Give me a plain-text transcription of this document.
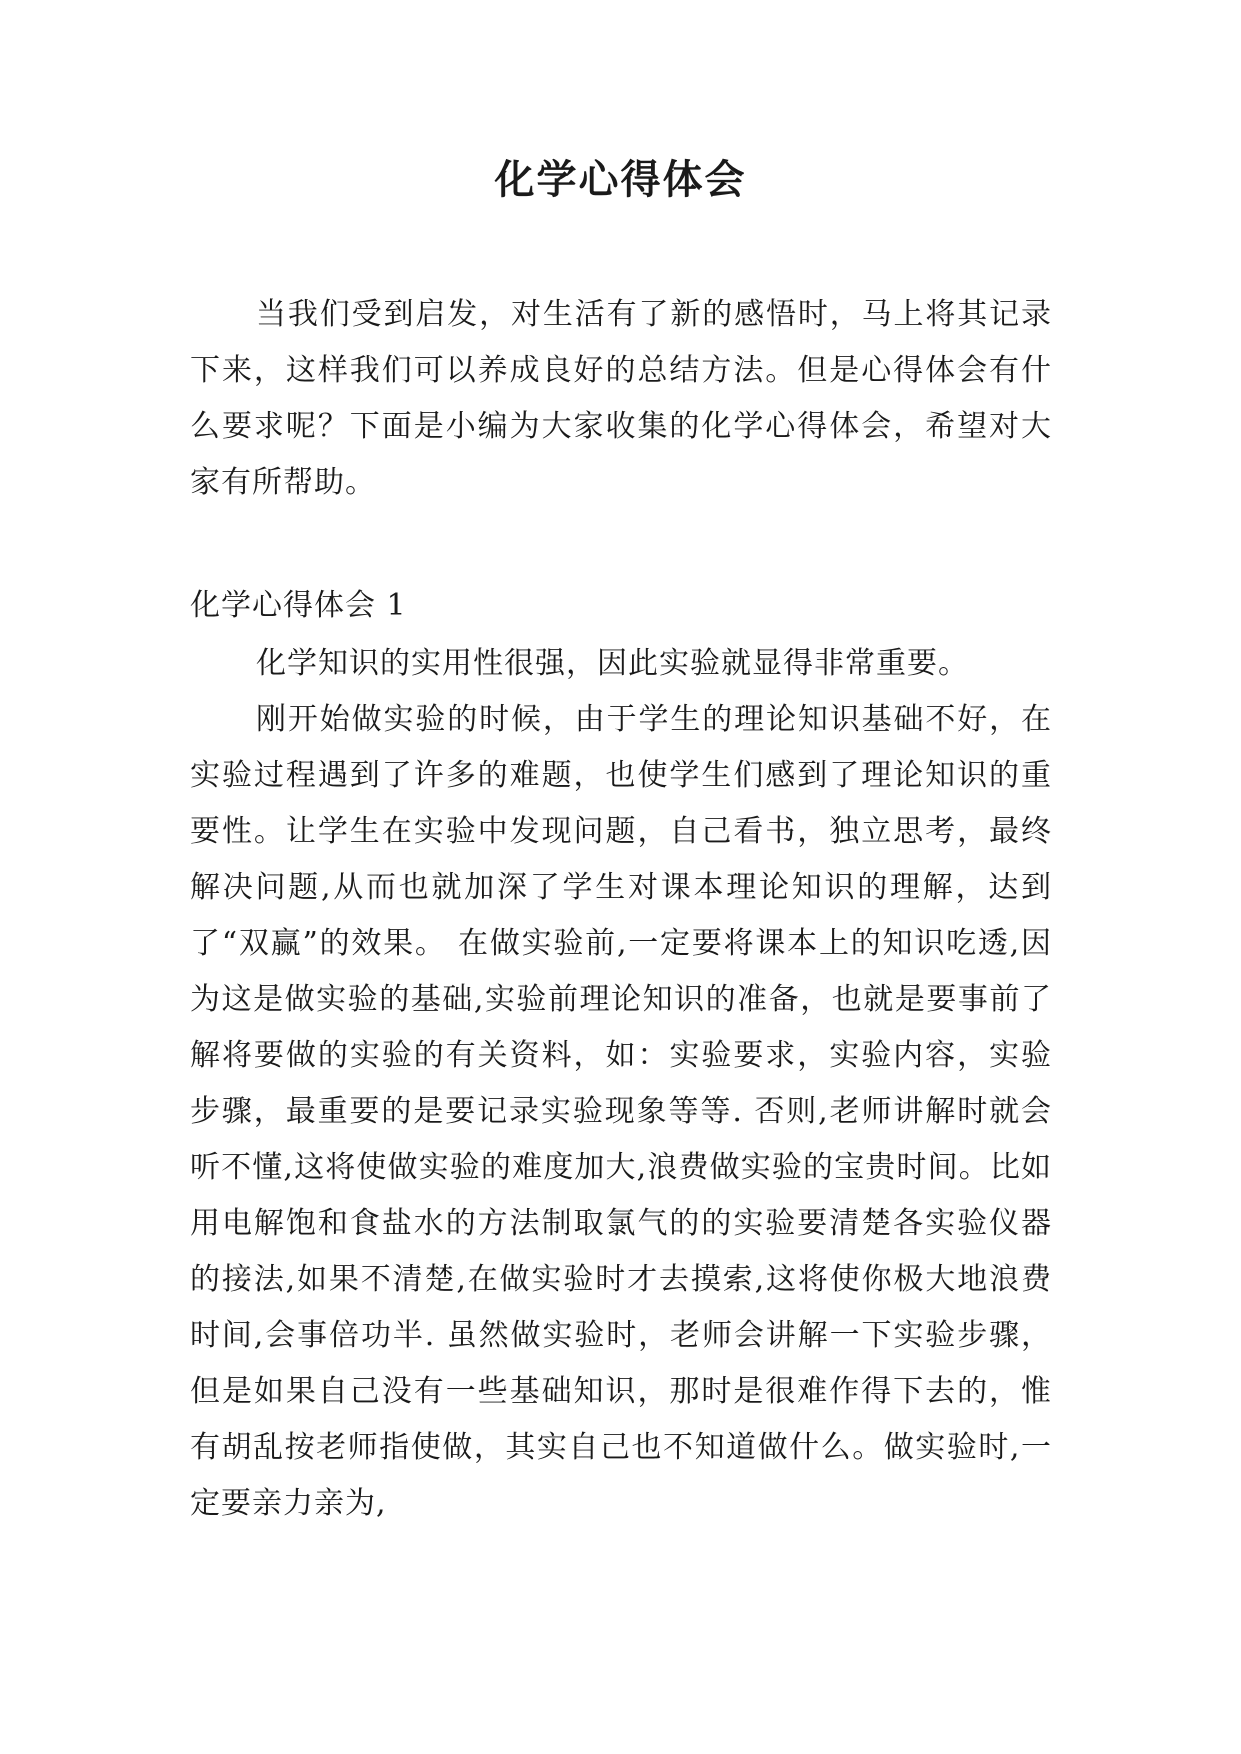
化学心得体会

当我们受到启发，对生活有了新的感悟时，马上将其记录下来，这样我们可以养成良好的总结方法。但是心得体会有什么要求呢？下面是小编为大家收集的化学心得体会，希望对大家有所帮助。

化学心得体会 1

化学知识的实用性很强，因此实验就显得非常重要。

刚开始做实验的时候，由于学生的理论知识基础不好，在实验过程遇到了许多的难题，也使学生们感到了理论知识的重要性。让学生在实验中发现问题，自己看书，独立思考，最终解决问题,从而也就加深了学生对课本理论知识的理解，达到了“双赢”的效果。 在做实验前,一定要将课本上的知识吃透,因为这是做实验的基础,实验前理论知识的准备，也就是要事前了解将要做的实验的有关资料，如：实验要求，实验内容，实验步骤，最重要的是要记录实验现象等等. 否则,老师讲解时就会听不懂,这将使做实验的难度加大,浪费做实验的宝贵时间。比如用电解饱和食盐水的方法制取氯气的的实验要清楚各实验仪器的接法,如果不清楚,在做实验时才去摸索,这将使你极大地浪费时间,会事倍功半. 虽然做实验时，老师会讲解一下实验步骤，但是如果自己没有一些基础知识，那时是很难作得下去的，惟有胡乱按老师指使做，其实自己也不知道做什么。做实验时,一定要亲力亲为,
